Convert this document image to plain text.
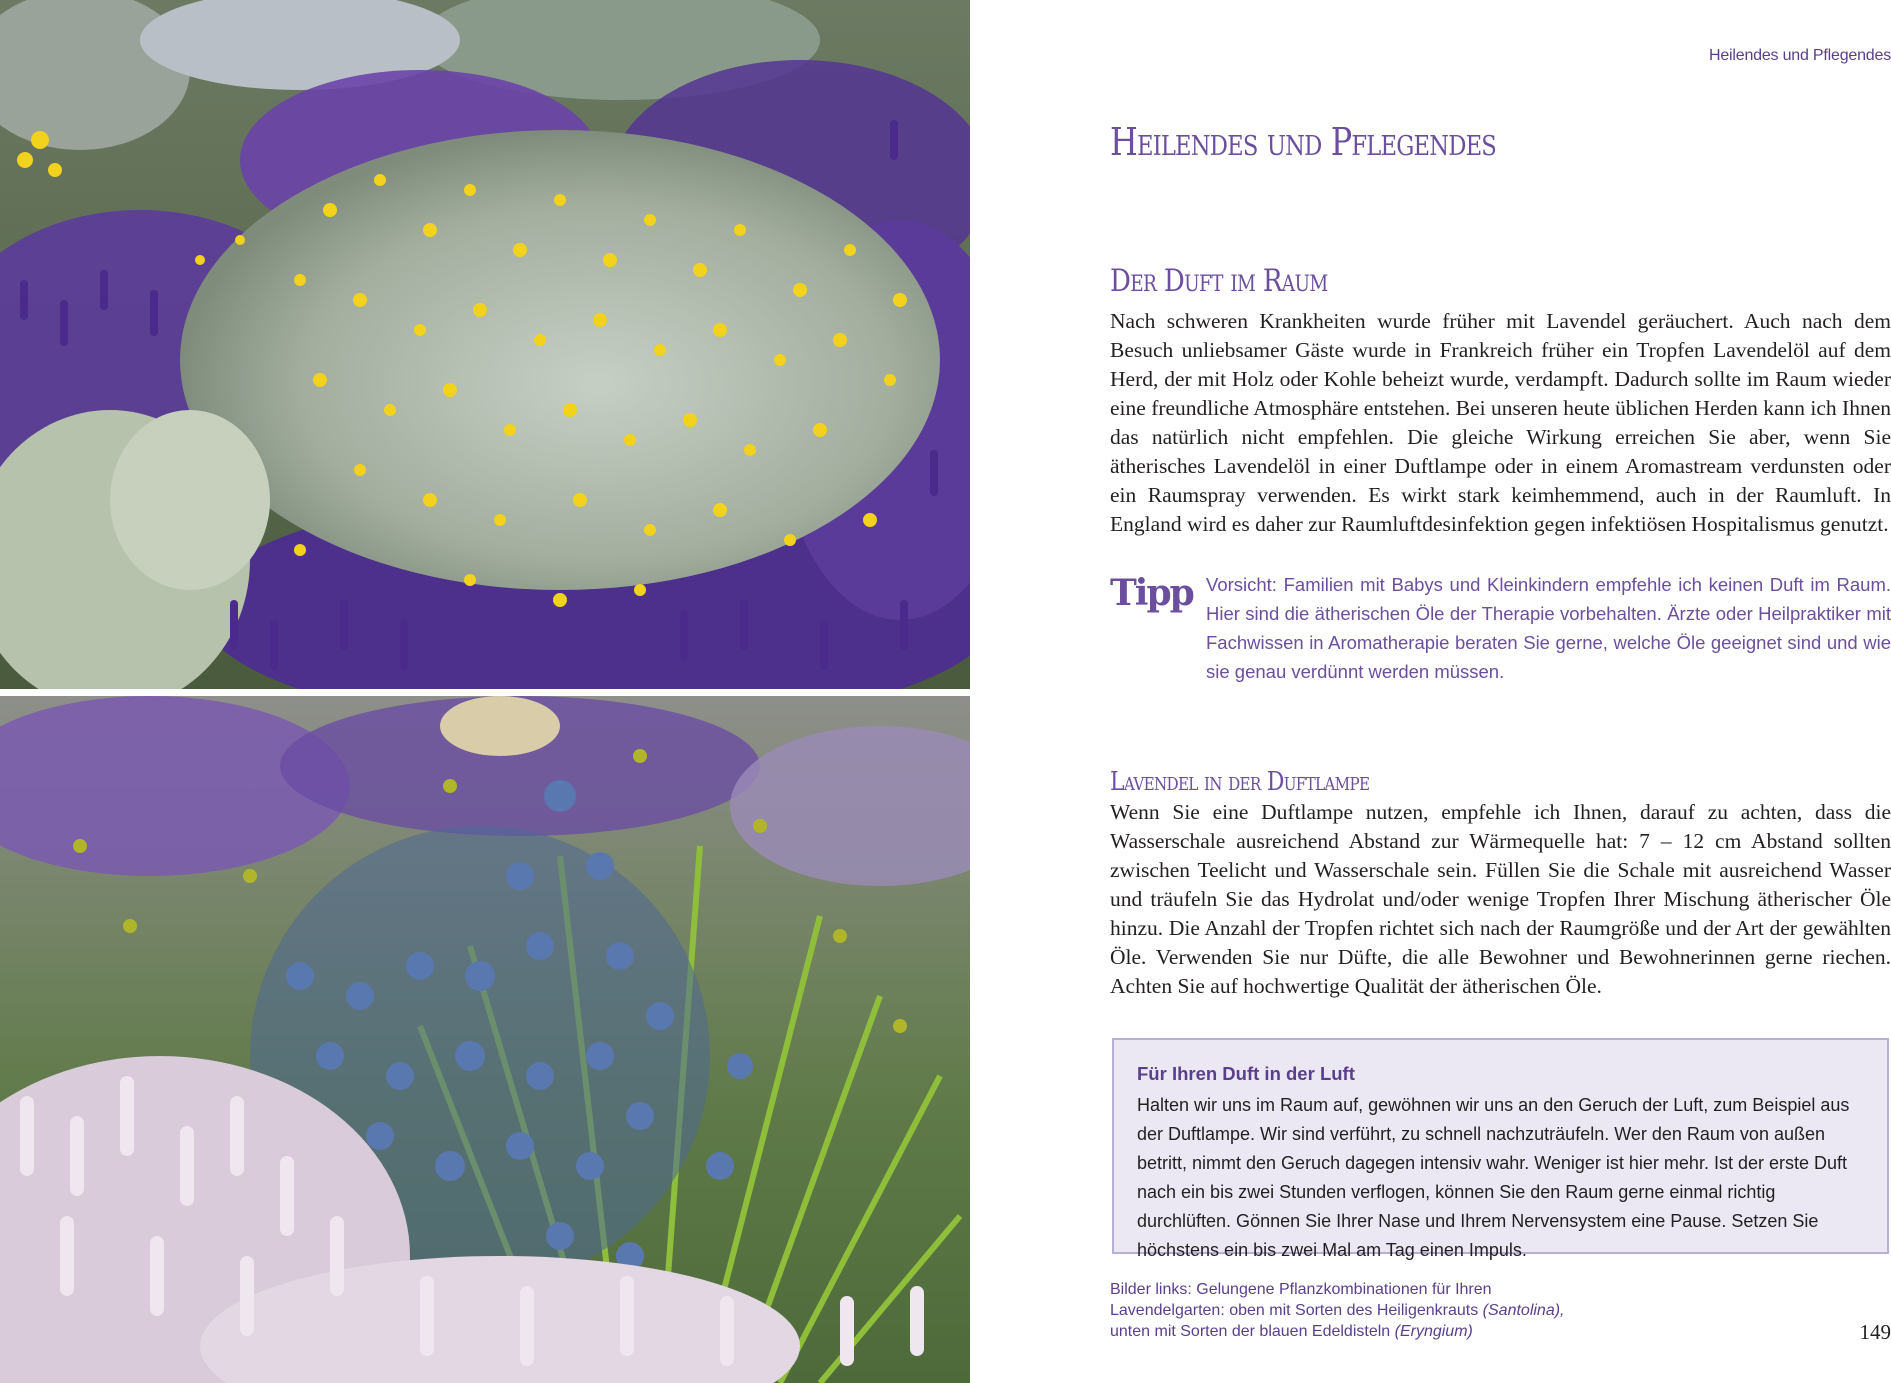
Heilendes und Pflegendes
Heilendes und Pflegendes
Der Duft im Raum

Nach schweren Krankheiten wurde früher mit Lavendel geräuchert. Auch nach dem Besuch unliebsamer Gäste wurde in Frankreich früher ein Tropfen Lavendelöl auf dem Herd, der mit Holz oder Kohle beheizt wurde, verdampft. Dadurch sollte im Raum wieder eine freundliche Atmosphäre entstehen. Bei unseren heute üblichen Herden kann ich Ihnen das natürlich nicht empfehlen. Die gleiche Wirkung erreichen Sie aber, wenn Sie ätherisches Lavendelöl in einer Duftlampe oder in einem Aromastream verdunsten oder ein Raumspray verwenden. Es wirkt stark keimhemmend, auch in der Raumluft. In England wird es daher zur Raumluftdesinfektion gegen infektiösen Hospitalismus genutzt.

Tipp Vorsicht: Familien mit Babys und Kleinkindern empfehle ich keinen Duft im Raum. Hier sind die ätherischen Öle der Therapie vorbehalten. Ärzte oder Heilpraktiker mit Fachwissen in Aromatherapie beraten Sie gerne, welche Öle geeignet sind und wie sie genau verdünnt werden müssen.

Lavendel in der Duftlampe

Wenn Sie eine Duftlampe nutzen, empfehle ich Ihnen, darauf zu achten, dass die Wasserschale ausreichend Abstand zur Wärmequelle hat: 7 – 12 cm Abstand sollten zwischen Teelicht und Wasserschale sein. Füllen Sie die Schale mit ausreichend Wasser und träufeln Sie das Hydrolat und/oder wenige Tropfen Ihrer Mischung ätherischer Öle hinzu. Die Anzahl der Tropfen richtet sich nach der Raumgröße und der Art der gewählten Öle. Verwenden Sie nur Düfte, die alle Bewohner und Bewohnerinnen gerne riechen. Achten Sie auf hochwertige Qualität der ätherischen Öle.

Für Ihren Duft in der Luft

Halten wir uns im Raum auf, gewöhnen wir uns an den Geruch der Luft, zum Beispiel aus der Duftlampe. Wir sind verführt, zu schnell nachzuträufeln. Wer den Raum von außen betritt, nimmt den Geruch dagegen intensiv wahr. Weniger ist hier mehr. Ist der erste Duft nach ein bis zwei Stunden verflogen, können Sie den Raum gerne einmal richtig durchlüften. Gönnen Sie Ihrer Nase und Ihrem Nervensystem eine Pause. Setzen Sie höchstens ein bis zwei Mal am Tag einen Impuls.

Bilder links: Gelungene Pflanzkombinationen für Ihren
Lavendelgarten: oben mit Sorten des Heiligenkrauts (Santolina),
unten mit Sorten der blauen Edeldisteln (Eryngium)	149
